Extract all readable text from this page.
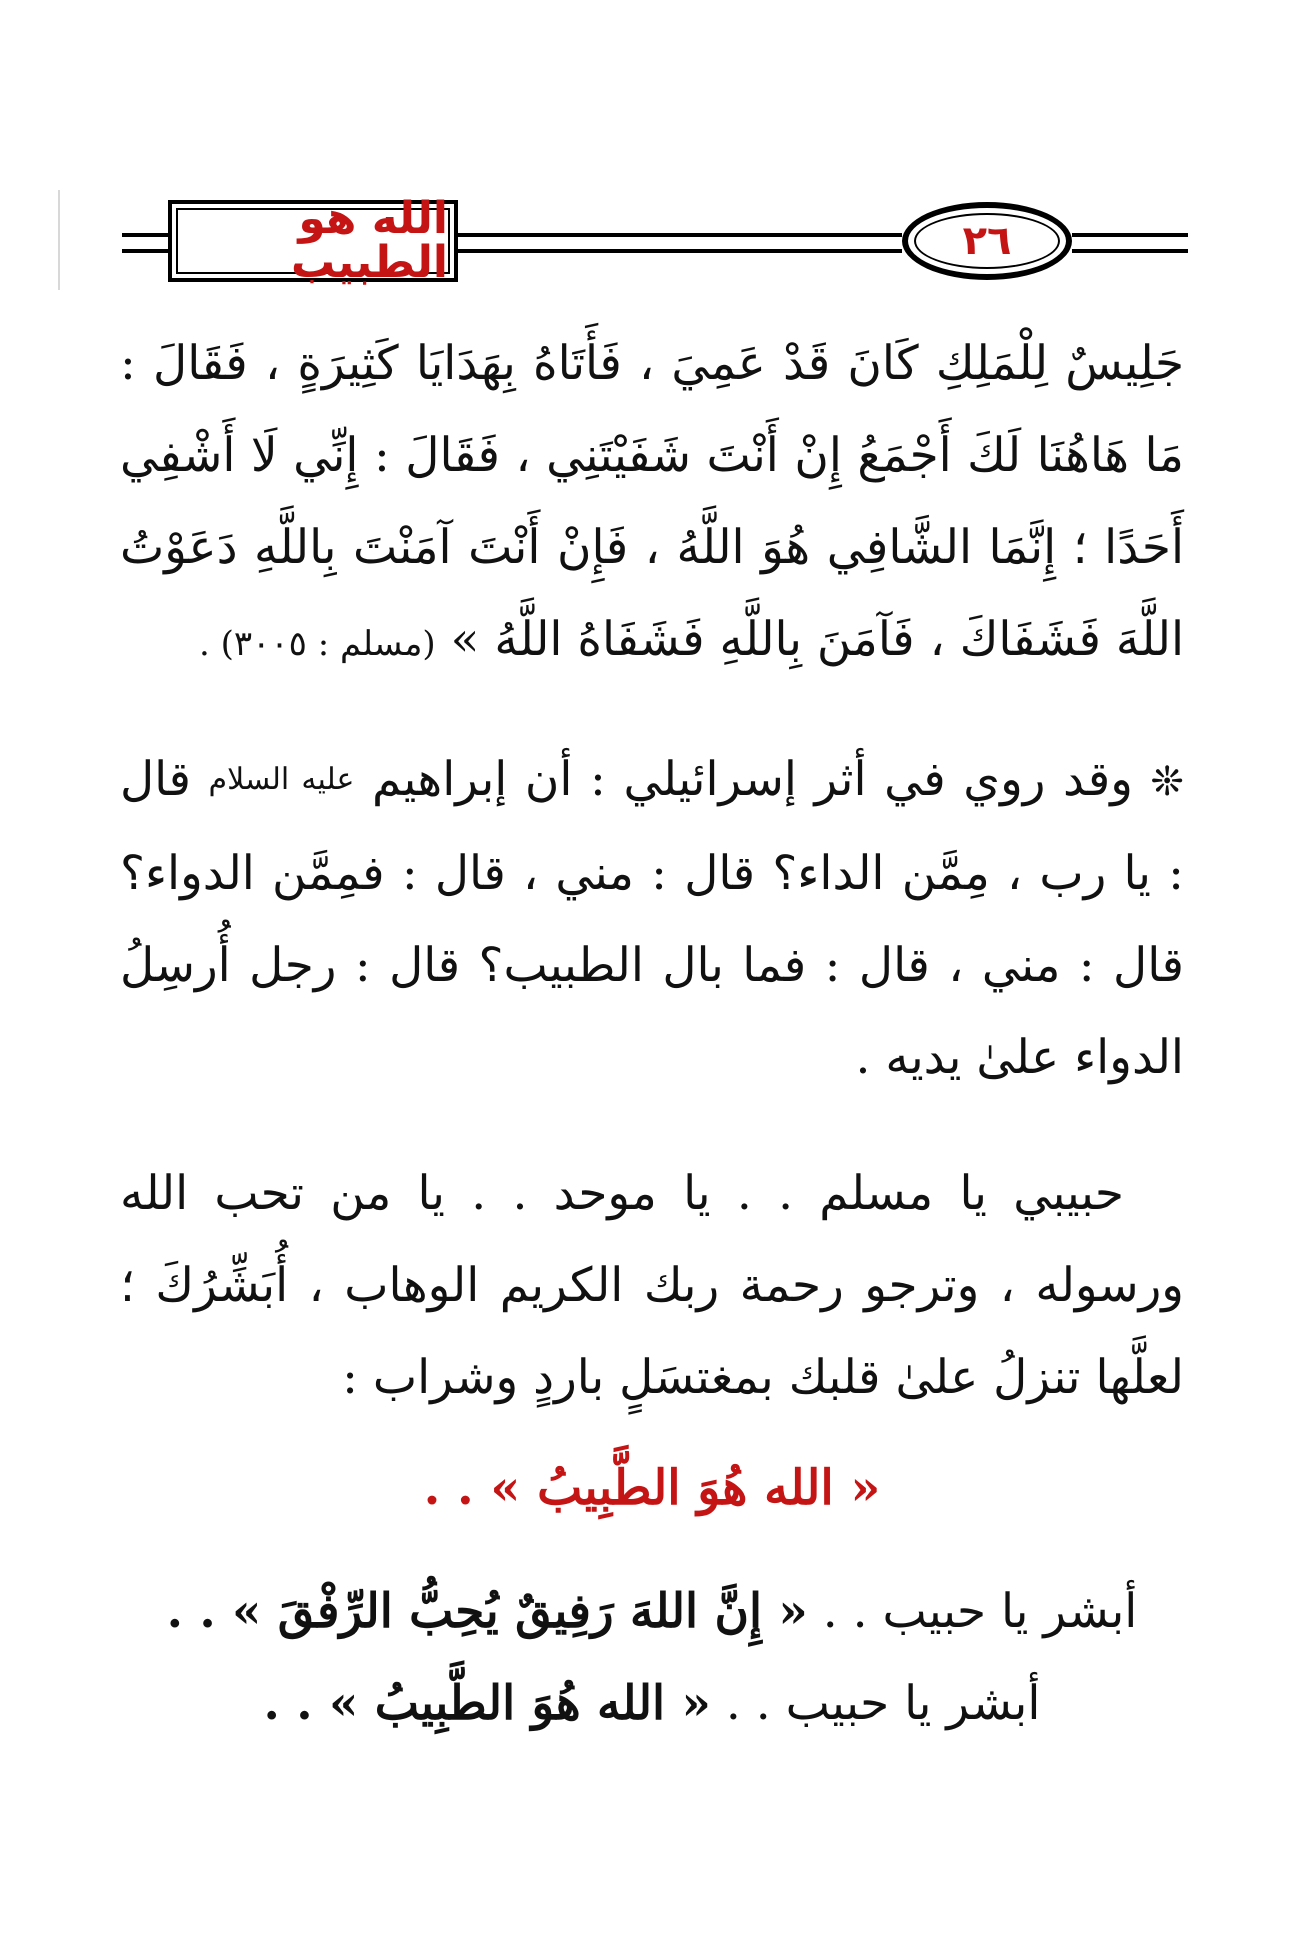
الله هو الطبيب	٢٦

جَلِيسٌ لِلْمَلِكِ كَانَ قَدْ عَمِيَ ، فَأَتَاهُ بِهَدَايَا كَثِيرَةٍ ، فَقَالَ : مَا هَاهُنَا لَكَ أَجْمَعُ إِنْ أَنْتَ شَفَيْتَنِي ، فَقَالَ : إِنِّي لَا أَشْفِي أَحَدًا ؛ إِنَّمَا الشَّافِي هُوَ اللَّهُ ، فَإِنْ أَنْتَ آمَنْتَ بِاللَّهِ دَعَوْتُ اللَّهَ فَشَفَاكَ ، فَآمَنَ بِاللَّهِ فَشَفَاهُ اللَّهُ » (مسلم : ٣٠٠٥) .

❊ وقد روي في أثر إسرائيلي : أن إبراهيم عليه السلام قال : يا رب ، مِمَّن الداء؟ قال : مني ، قال : فمِمَّن الدواء؟ قال : مني ، قال : فما بال الطبيب؟ قال : رجل أُرسِلُ الدواء علىٰ يديه .

حبيبي يا مسلم . . يا موحد . . يا من تحب الله ورسوله ، وترجو رحمة ربك الكريم الوهاب ، أُبَشِّرُكَ ؛ لعلَّها تنزلُ علىٰ قلبك بمغتسَلٍ باردٍ وشراب :

« الله هُوَ الطَّبِيبُ » . .

أبشر يا حبيب . . « إِنَّ اللهَ رَفِيقٌ يُحِبُّ الرِّفْقَ » . .

أبشر يا حبيب . . « الله هُوَ الطَّبِيبُ » . .
